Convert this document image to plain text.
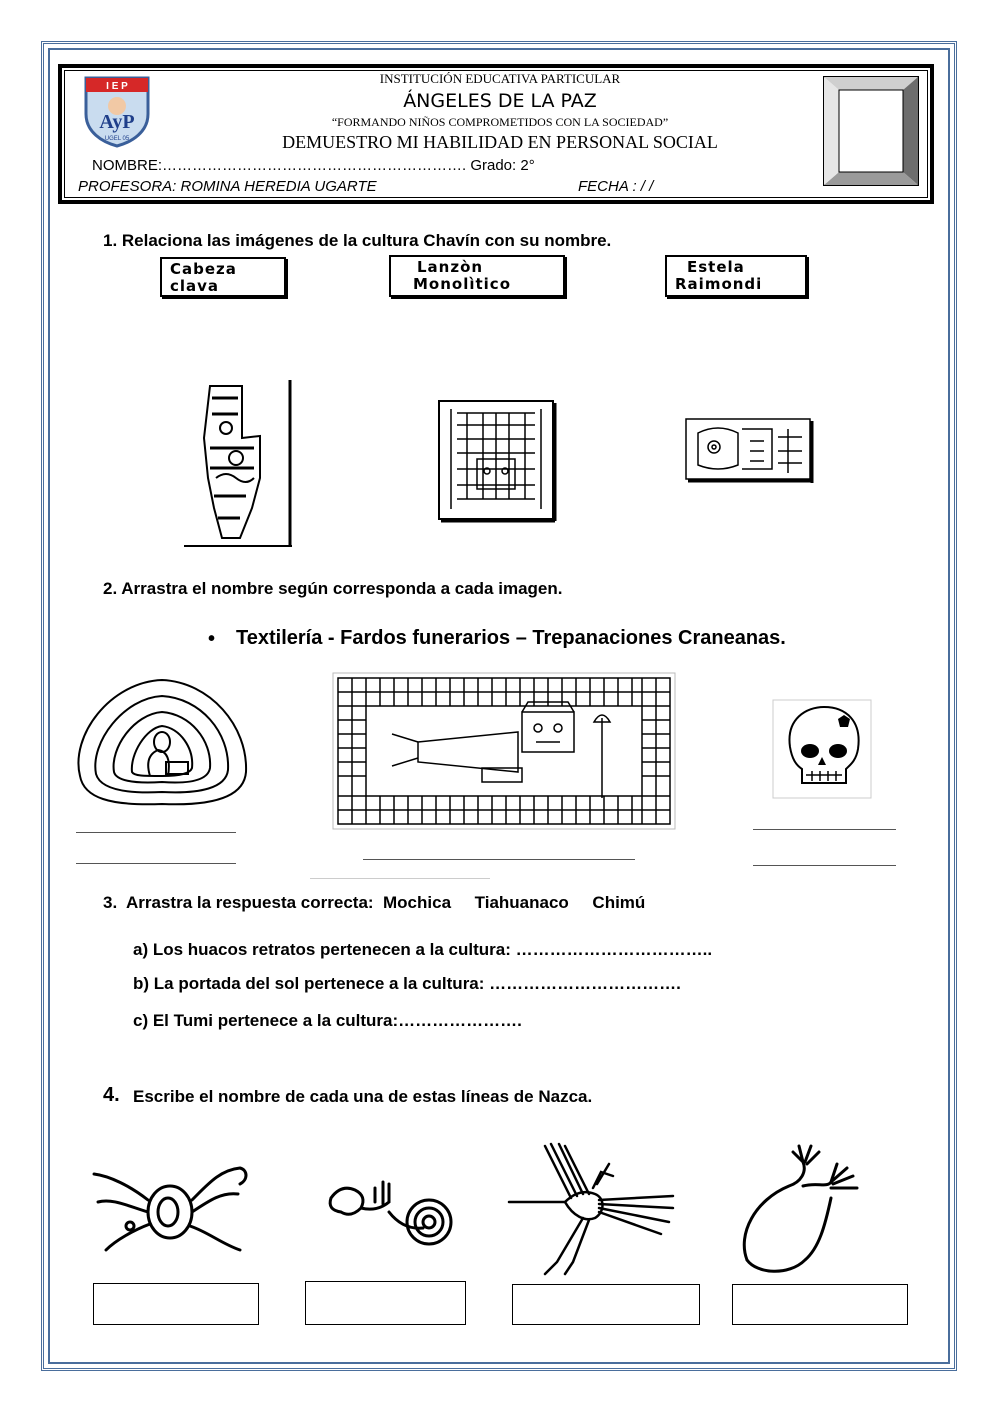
I E P
AyP
UGEL 05
INSTITUCIÓN EDUCATIVA PARTICULAR
ÁNGELES DE LA PAZ
“FORMANDO NIÑOS COMPROMETIDOS CON LA SOCIEDAD”
DEMUESTRO MI HABILIDAD EN PERSONAL SOCIAL
NOMBRE:……………………………………………………. Grado: 2°
PROFESORA: ROMINA HEREDIA UGARTE	FECHA : / /
1. Relaciona las imágenes de la cultura Chavín con su nombre.
Cabeza
clava
Lanzòn
Monolìtico
Estela
Raimondi
2. Arrastra el nombre según corresponda a cada imagen.
• Textilería - Fardos funerarios – Trepanaciones Craneanas.
3.  Arrastra la respuesta correcta:  Mochica     Tiahuanaco     Chimú
a) Los huacos retratos pertenecen a la cultura: ……………………………..
b) La portada del sol pertenece a la cultura: …………………………….
c) El Tumi pertenece a la cultura:………………….
4. Escribe el nombre de cada una de estas líneas de Nazca.
